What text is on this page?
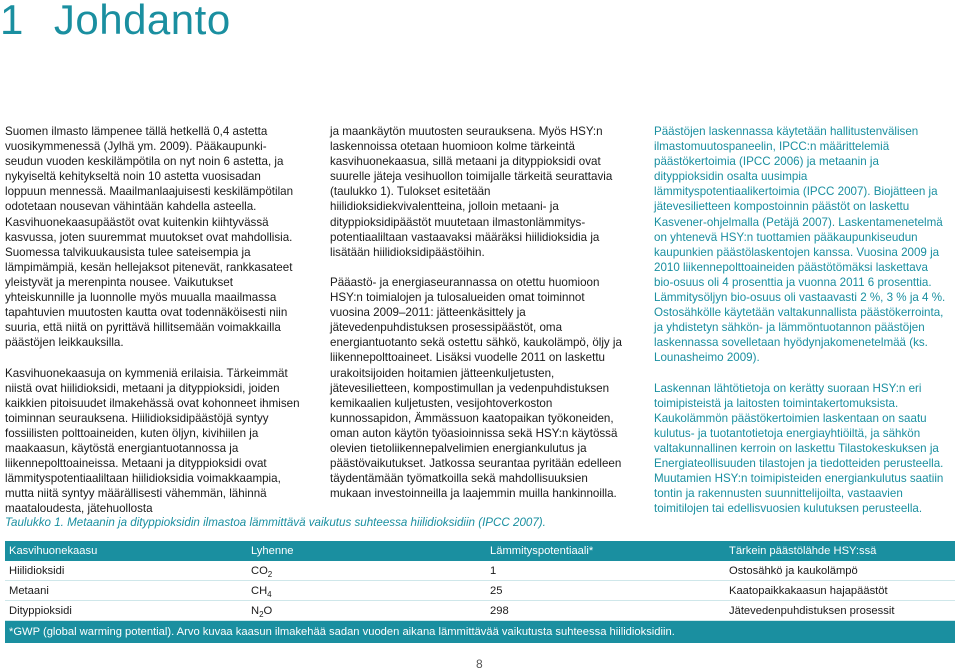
1 Johdanto

Suomen ilmasto lämpenee tällä hetkellä 0,4 astetta vuosikymmenessä (Jylhä ym. 2009). Pääkaupunki-seudun vuoden keskilämpötila on nyt noin 6 astetta, ja nykyiseltä kehitykseltä noin 10 astetta vuosisadan loppuun mennessä. Maailmanlaajuisesti keskilämpötilan odotetaan nousevan vähintään kahdella asteella. Kasvihuonekaasupäästöt ovat kuitenkin kiihtyvässä kasvussa, joten suuremmat muutokset ovat mahdollisia. Suomessa talvikuukausista tulee sateisempia ja lämpimämpiä, kesän hellejaksot pitenevät, rankkasateet yleistyvät ja merenpinta nousee. Vaikutukset yhteiskunnille ja luonnolle myös muualla maailmassa tapahtuvien muutosten kautta ovat todennäköisesti niin suuria, että niitä on pyrittävä hillitsemään voimakkailla päästöjen leikkauksilla.

Kasvihuonekaasuja on kymmeniä erilaisia. Tärkeimmät niistä ovat hiilidioksidi, metaani ja dityppioksidi, joiden kaikkien pitoisuudet ilmakehässä ovat kohonneet ihmisen toiminnan seurauksena. Hiilidioksidipäästöjä syntyy fossiilisten polttoaineiden, kuten öljyn, kivihiilen ja maakaasun, käytöstä energiantuotannossa ja liikennepolttoaineissa. Metaani ja dityppioksidi ovat lämmityspotentiaaliltaan hiilidioksidia voimakkaampia, mutta niitä syntyy määrällisesti vähemmän, lähinnä maataloudesta, jätehuollosta

ja maankäytön muutosten seurauksena. Myös HSY:n laskennoissa otetaan huomioon kolme tärkeintä kasvihuonekaasua, sillä metaani ja dityppioksidi ovat suurelle jäteja vesihuollon toimijalle tärkeitä seurattavia (taulukko 1). Tulokset esitetään hiilidioksidiekvivalentteina, jolloin metaani- ja dityppioksidipäästöt muutetaan ilmastonlämmitys-potentiaaliltaan vastaavaksi määräksi hiilidioksidia ja lisätään hiilidioksidipäästöihin.

Pääastö- ja energiaseurannassa on otettu huomioon HSY:n toimialojen ja tulosalueiden omat toiminnot vuosina 2009–2011: jätteenkäsittely ja jätevedenpuhdistuksen prosessipäästöt, oma energiantuotanto sekä ostettu sähkö, kaukolämpö, öljy ja liikennepolttoaineet. Lisäksi vuodelle 2011 on laskettu urakoitsijoiden hoitamien jätteenkuljetusten, jätevesilietteen, kompostimullan ja vedenpuhdistuksen kemikaalien kuljetusten, vesijohtoverkoston kunnossapidon, Ämmässuon kaatopaikan työkoneiden, oman auton käytön työasioinnissa sekä HSY:n käytössä olevien tietoliikennepalvelimien energiankulutus ja päästövaikutukset. Jatkossa seurantaa pyritään edelleen täydentämään työmatkoilla sekä mahdollisuuksien mukaan investoinneilla ja laajemmin muilla hankinnoilla.

Päästöjen laskennassa käytetään hallitustenvälisen ilmastomuutospaneelin, IPCC:n määrittelemiä päästökertoimia (IPCC 2006) ja metaanin ja dityppioksidin osalta uusimpia lämmityspotentiaalikertoimia (IPCC 2007). Biojätteen ja jätevesilietteen kompostoinnin päästöt on laskettu Kasvener-ohjelmalla (Petäjä 2007). Laskentamenetelmä on yhtenevä HSY:n tuottamien pääkaupunkiseudun kaupunkien päästölaskentojen kanssa. Vuosina 2009 ja 2010 liikennepolttoaineiden päästötömäksi laskettava bio-osuus oli 4 prosenttia ja vuonna 2011 6 prosenttia. Lämmitysöljyn bio-osuus oli vastaavasti 2 %, 3 % ja 4 %. Ostosähkölle käytetään valtakunnallista päästökerrointa, ja yhdistetyn sähkön- ja lämmöntuotannon päästöjen laskennassa sovelletaan hyödynjakomenetelmää (ks. Lounasheimo 2009).

Laskennan lähtötietoja on kerätty suoraan HSY:n eri toimipisteistä ja laitosten toimintakertomuksista. Kaukolämmön päästökertoimien laskentaan on saatu kulutus- ja tuotantotietoja energiayhtiöiltä, ja sähkön valtakunnallinen kerroin on laskettu Tilastokeskuksen ja Energiateollisuuden tilastojen ja tiedotteiden perusteella. Muutamien HSY:n toimipisteiden energiankulutus saatiin tontin ja rakennusten suunnittelijoilta, vastaavien toimitilojen tai edellisvuosien kulutuksen perusteella.

Taulukko 1. Metaanin ja dityppioksidin ilmastoa lämmittävä vaikutus suhteessa hiilidioksidiin (IPCC 2007).
Kasvihuonekaasu	Lyhenne	Lämmityspotentiaali*	Tärkein päästölähde HSY:ssä
Hiilidioksidi	$CO_2$	1	Ostosähkö ja kaukolämpö
Metaani	$CH_4$	25	Kaatopaikkakaasun hajapäästöt
Dityppioksidi	$N_2O$	298	Jätevedenpuhdistuksen prosessit
*GWP (global warming potential). Arvo kuvaa kaasun ilmakehää sadan vuoden aikana lämmittävää vaikutusta suhteessa hiilidioksidiin.			
8
